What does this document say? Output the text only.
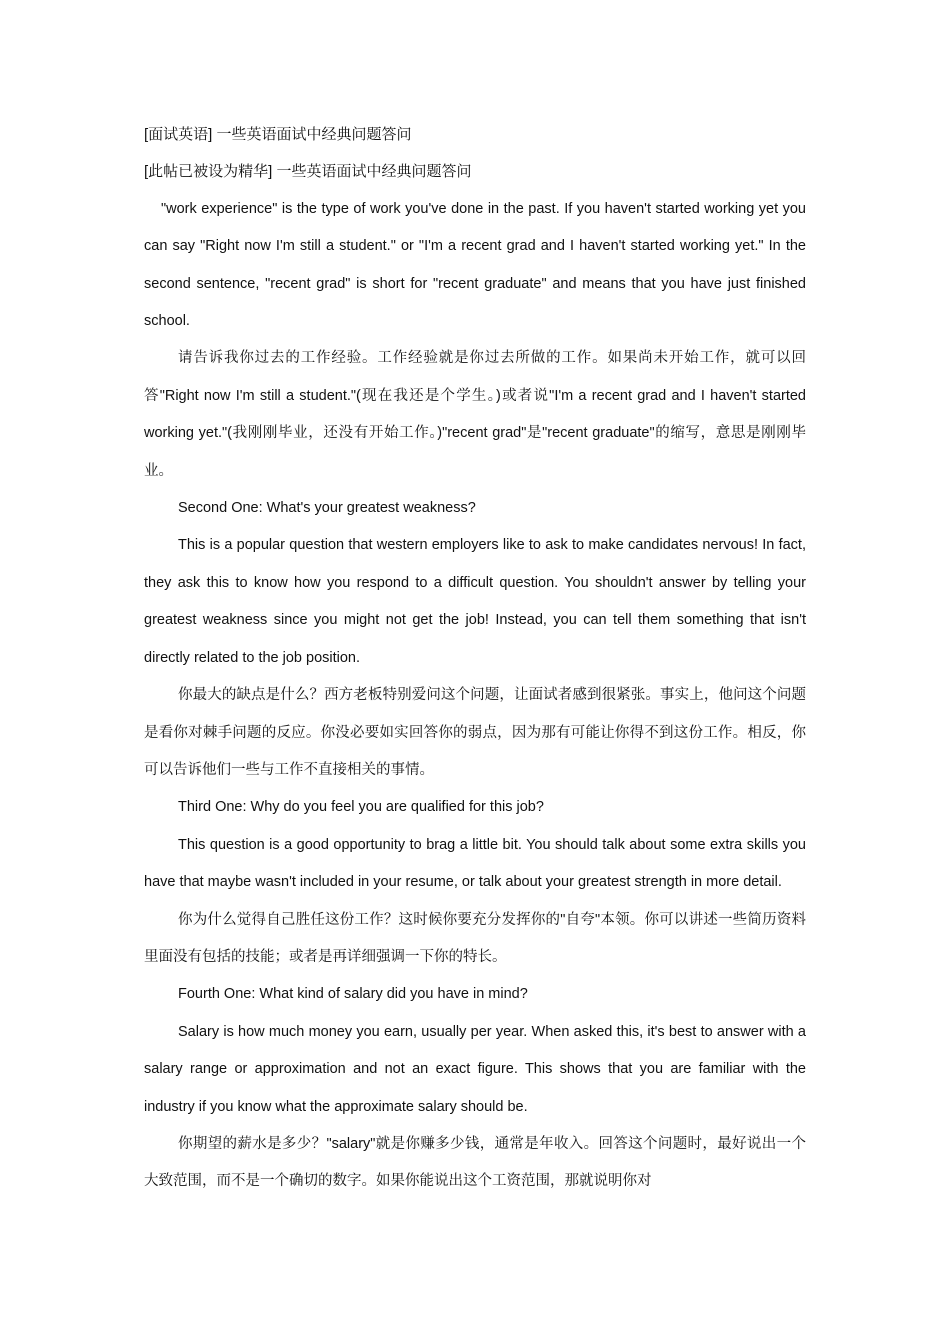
[面试英语] 一些英语面试中经典问题答问

[此帖已被设为精华] 一些英语面试中经典问题答问

"work experience" is the type of work you've done in the past. If you haven't started working yet you can say "Right now I'm still a student." or "I'm a recent grad and I haven't started working yet." In the second sentence, "recent grad" is short for "recent graduate" and means that you have just finished school.

请告诉我你过去的工作经验。工作经验就是你过去所做的工作。如果尚未开始工作，就可以回答"Right now I'm still a student."(现在我还是个学生。)或者说"I'm a recent grad and I haven't started working yet."(我刚刚毕业，还没有开始工作。)"recent grad"是"recent graduate"的缩写，意思是刚刚毕业。

Second One: What's your greatest weakness?

This is a popular question that western employers like to ask to make candidates nervous! In fact, they ask this to know how you respond to a difficult question. You shouldn't answer by telling your greatest weakness since you might not get the job! Instead, you can tell them something that isn't directly related to the job position.

你最大的缺点是什么？西方老板特别爱问这个问题，让面试者感到很紧张。事实上，他问这个问题是看你对棘手问题的反应。你没必要如实回答你的弱点，因为那有可能让你得不到这份工作。相反，你可以告诉他们一些与工作不直接相关的事情。

Third One: Why do you feel you are qualified for this job?

This question is a good opportunity to brag a little bit. You should talk about some extra skills you have that maybe wasn't included in your resume, or talk about your greatest strength in more detail.

你为什么觉得自己胜任这份工作？这时候你要充分发挥你的"自夸"本领。你可以讲述一些简历资料里面没有包括的技能；或者是再详细强调一下你的特长。

Fourth One: What kind of salary did you have in mind?

Salary is how much money you earn, usually per year. When asked this, it's best to answer with a salary range or approximation and not an exact figure. This shows that you are familiar with the industry if you know what the approximate salary should be.

你期望的薪水是多少？"salary"就是你赚多少钱，通常是年收入。回答这个问题时，最好说出一个大致范围，而不是一个确切的数字。如果你能说出这个工资范围，那就说明你对
